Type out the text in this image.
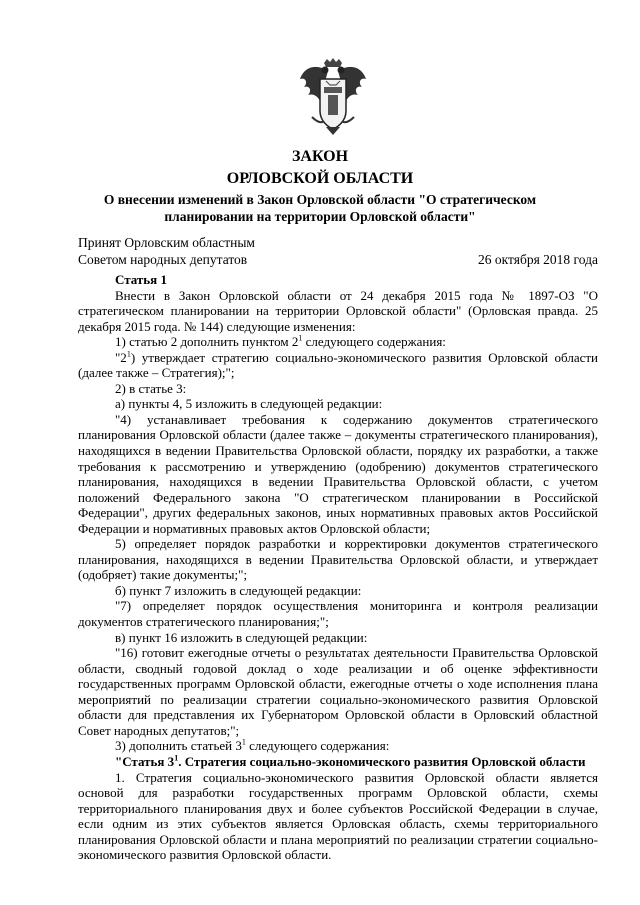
ЗАКОН
ОРЛОВСКОЙ ОБЛАСТИ
О внесении изменений в Закон Орловской области "О стратегическом планировании на территории Орловской области"
Принят Орловским областным
Советом народных депутатов	26 октября 2018 года

Статья 1

Внести в Закон Орловской области от 24 декабря 2015 года № 1897-ОЗ "О стратегическом планировании на территории Орловской области" (Орловская правда. 25 декабря 2015 года. № 144) следующие изменения:

1) статью 2 дополнить пунктом $2^1$ следующего содержания:

"$2^1$) утверждает стратегию социально-экономического развития Орловской области (далее также – Стратегия);";

2) в статье 3:

а) пункты 4, 5 изложить в следующей редакции:

"4) устанавливает требования к содержанию документов стратегического планирования Орловской области (далее также – документы стратегического планирования), находящихся в ведении Правительства Орловской области, порядку их разработки, а также требования к рассмотрению и утверждению (одобрению) документов стратегического планирования, находящихся в ведении Правительства Орловской области, с учетом положений Федерального закона "О стратегическом планировании в Российской Федерации", других федеральных законов, иных нормативных правовых актов Российской Федерации и нормативных правовых актов Орловской области;

5) определяет порядок разработки и корректировки документов стратегического планирования, находящихся в ведении Правительства Орловской области, и утверждает (одобряет) такие документы;";

б) пункт 7 изложить в следующей редакции:

"7) определяет порядок осуществления мониторинга и контроля реализации документов стратегического планирования;";

в) пункт 16 изложить в следующей редакции:

"16) готовит ежегодные отчеты о результатах деятельности Правительства Орловской области, сводный годовой доклад о ходе реализации и об оценке эффективности государственных программ Орловской области, ежегодные отчеты о ходе исполнения плана мероприятий по реализации стратегии социально-экономического развития Орловской области для представления их Губернатором Орловской области в Орловский областной Совет народных депутатов;";

3) дополнить статьей $3^1$ следующего содержания:

"Статья $3^1$. Стратегия социально-экономического развития Орловской области

1. Стратегия социально-экономического развития Орловской области является основой для разработки государственных программ Орловской области, схемы территориального планирования двух и более субъектов Российской Федерации в случае, если одним из этих субъектов является Орловская область, схемы территориального планирования Орловской области и плана мероприятий по реализации стратегии социально-экономического развития Орловской области.
